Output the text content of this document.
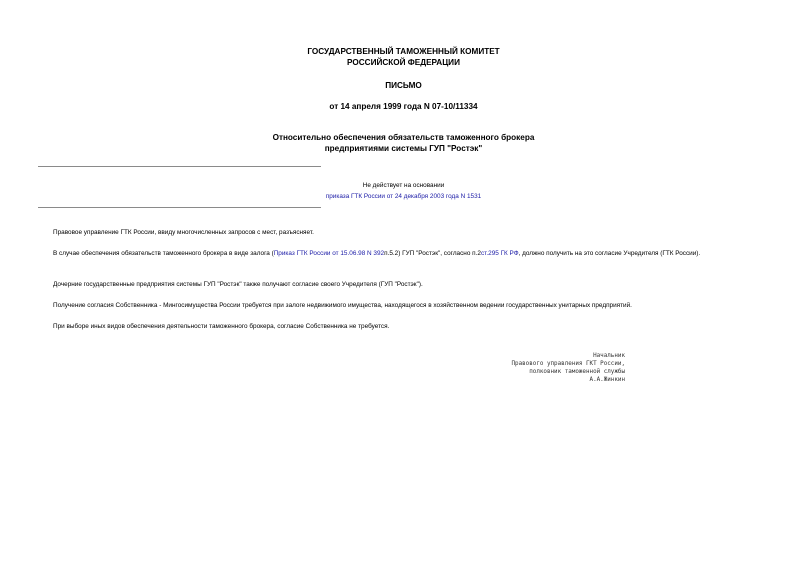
ГОСУДАРСТВЕННЫЙ ТАМОЖЕННЫЙ КОМИТЕТ
РОССИЙСКОЙ ФЕДЕРАЦИИ
ПИСЬМО
от 14 апреля 1999 года N 07-10/11334
Относительно обеспечения обязательств таможенного брокера
предприятиями системы ГУП "Ростэк"
Не действует на основании
приказа ГТК России от 24 декабря 2003 года N 1531
Правовое управление ГТК России, ввиду многочисленных запросов с мест, разъясняет.
В случае обеспечения обязательств таможенного брокера в виде залога (Приказ ГТК России от 15.06.98 N 392п.5.2) ГУП "Ростэк", согласно п.2ст.295 ГК РФ, должно получить на это согласие Учредителя (ГТК России).
Дочерние государственные предприятия системы ГУП "Ростэк" также получают согласие своего Учредителя (ГУП "Ростэк").
Получение согласия Собственника - Мингосимущества России требуется при залоге недвижимого имущества, находящегося в хозяйственном ведении государственных унитарных предприятий.
При выборе иных видов обеспечения деятельности таможенного брокера, согласие Собственника не требуется.
Начальник
Правового управления ГКТ России,
полковник таможенной службы
А.А.Жинкин
